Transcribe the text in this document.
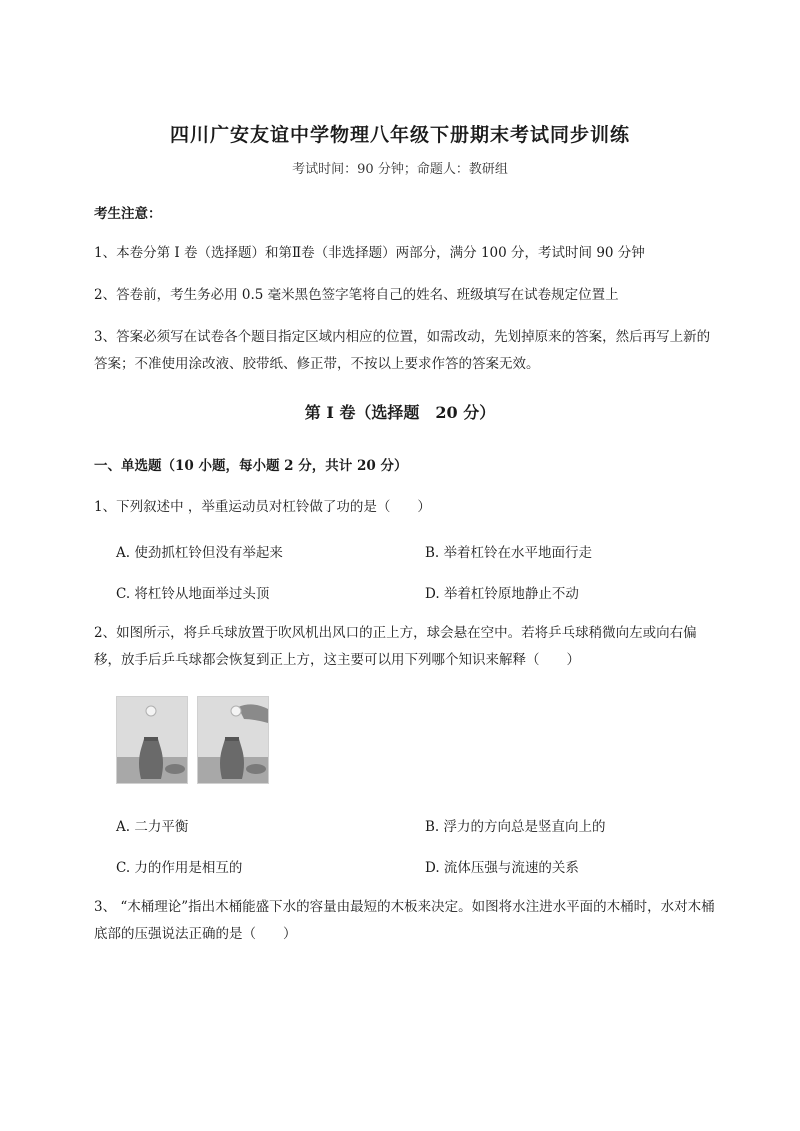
四川广安友谊中学物理八年级下册期末考试同步训练
考试时间：90 分钟；命题人：教研组
考生注意：
1、本卷分第 I 卷（选择题）和第Ⅱ卷（非选择题）两部分，满分 100 分，考试时间 90 分钟
2、答卷前，考生务必用 0.5 毫米黑色签字笔将自己的姓名、班级填写在试卷规定位置上
3、答案必须写在试卷各个题目指定区域内相应的位置，如需改动，先划掉原来的答案，然后再写上新的答案；不准使用涂改液、胶带纸、修正带，不按以上要求作答的答案无效。
第 I 卷（选择题　20 分）
一、单选题（10 小题，每小题 2 分，共计 20 分）
1、下列叙述中 ，举重运动员对杠铃做了功的是（　　）
A. 使劲抓杠铃但没有举起来	B. 举着杠铃在水平地面行走
C. 将杠铃从地面举过头顶	D. 举着杠铃原地静止不动
2、如图所示，将乒乓球放置于吹风机出风口的正上方，球会悬在空中。若将乒乓球稍微向左或向右偏移，放手后乒乓球都会恢复到正上方，这主要可以用下列哪个知识来解释（　　）
A. 二力平衡	B. 浮力的方向总是竖直向上的
C. 力的作用是相互的	D. 流体压强与流速的关系
3、 “木桶理论”指出木桶能盛下水的容量由最短的木板来决定。如图将水注进水平面的木桶时，水对木桶底部的压强说法正确的是（　　）
